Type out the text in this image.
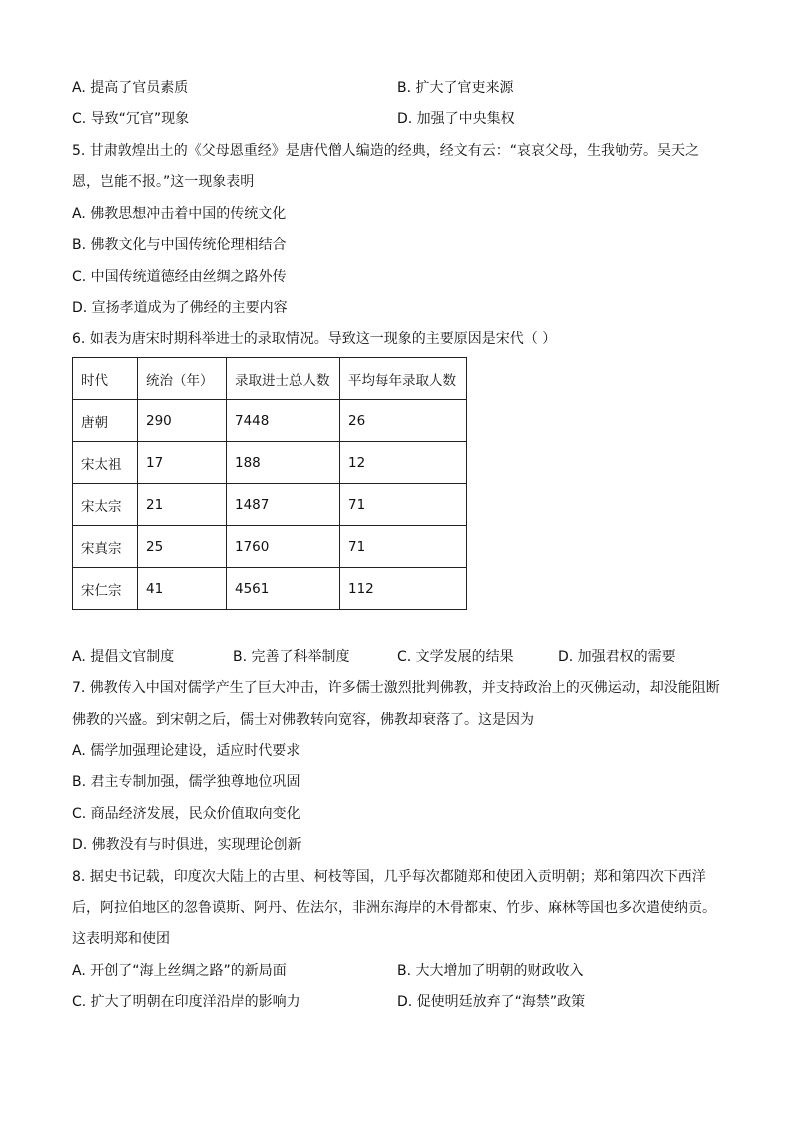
A. 提高了官员素质	B. 扩大了官吏来源
C. 导致“冗官”现象	D. 加强了中央集权
5. 甘肃敦煌出土的《父母恩重经》是唐代僧人编造的经典，经文有云：“哀哀父母，生我劬劳。吴天之
恩，岂能不报。”这一现象表明
A. 佛教思想冲击着中国的传统文化
B. 佛教文化与中国传统伦理相结合
C. 中国传统道德经由丝绸之路外传
D. 宣扬孝道成为了佛经的主要内容
6. 如表为唐宋时期科举进士的录取情况。导致这一现象的主要原因是宋代（ ）
时代	统治（年）	录取进士总人数	平均每年录取人数
唐朝	290	7448	26
宋太祖	17	188	12
宋太宗	21	1487	71
宋真宗	25	1760	71
宋仁宗	41	4561	112
A. 提倡文官制度	B. 完善了科举制度	C. 文学发展的结果	D. 加强君权的需要
7. 佛教传入中国对儒学产生了巨大冲击，许多儒士激烈批判佛教，并支持政治上的灭佛运动，却没能阻断
佛教的兴盛。到宋朝之后，儒士对佛教转向宽容，佛教却衰落了。这是因为
A. 儒学加强理论建设，适应时代要求
B. 君主专制加强，儒学独尊地位巩固
C. 商品经济发展，民众价值取向变化
D. 佛教没有与时俱进，实现理论创新
8. 据史书记载，印度次大陆上的古里、柯枝等国，几乎每次都随郑和使团入贡明朝；郑和第四次下西洋
后，阿拉伯地区的忽鲁谟斯、阿丹、佐法尔，非洲东海岸的木骨都束、竹步、麻林等国也多次遣使纳贡。
这表明郑和使团
A. 开创了“海上丝绸之路”的新局面	B. 大大增加了明朝的财政收入
C. 扩大了明朝在印度洋沿岸的影响力	D. 促使明廷放弃了“海禁”政策
